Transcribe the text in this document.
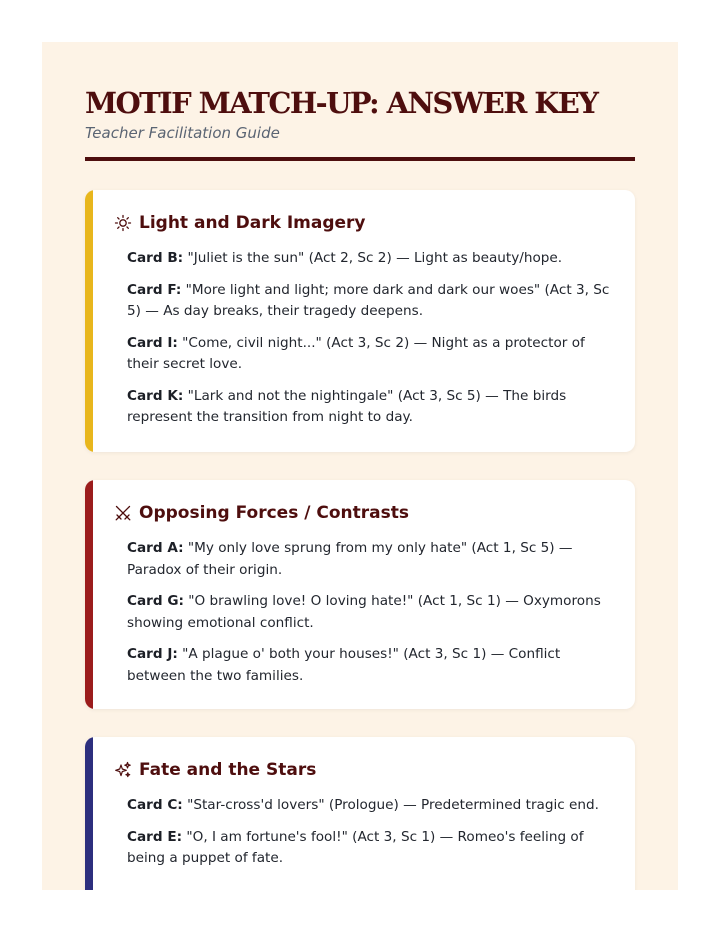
MOTIF MATCH-UP: ANSWER KEY
Teacher Facilitation Guide
Light and Dark Imagery
Card B: "Juliet is the sun" (Act 2, Sc 2) — Light as beauty/hope.
Card F: "More light and light; more dark and dark our woes" (Act 3, Sc 5) — As day breaks, their tragedy deepens.
Card I: "Come, civil night..." (Act 3, Sc 2) — Night as a protector of their secret love.
Card K: "Lark and not the nightingale" (Act 3, Sc 5) — The birds represent the transition from night to day.
Opposing Forces / Contrasts
Card A: "My only love sprung from my only hate" (Act 1, Sc 5) — Paradox of their origin.
Card G: "O brawling love! O loving hate!" (Act 1, Sc 1) — Oxymorons showing emotional conflict.
Card J: "A plague o' both your houses!" (Act 3, Sc 1) — Conflict between the two families.
Fate and the Stars
Card C: "Star-cross'd lovers" (Prologue) — Predetermined tragic end.
Card E: "O, I am fortune's fool!" (Act 3, Sc 1) — Romeo's feeling of being a puppet of fate.
